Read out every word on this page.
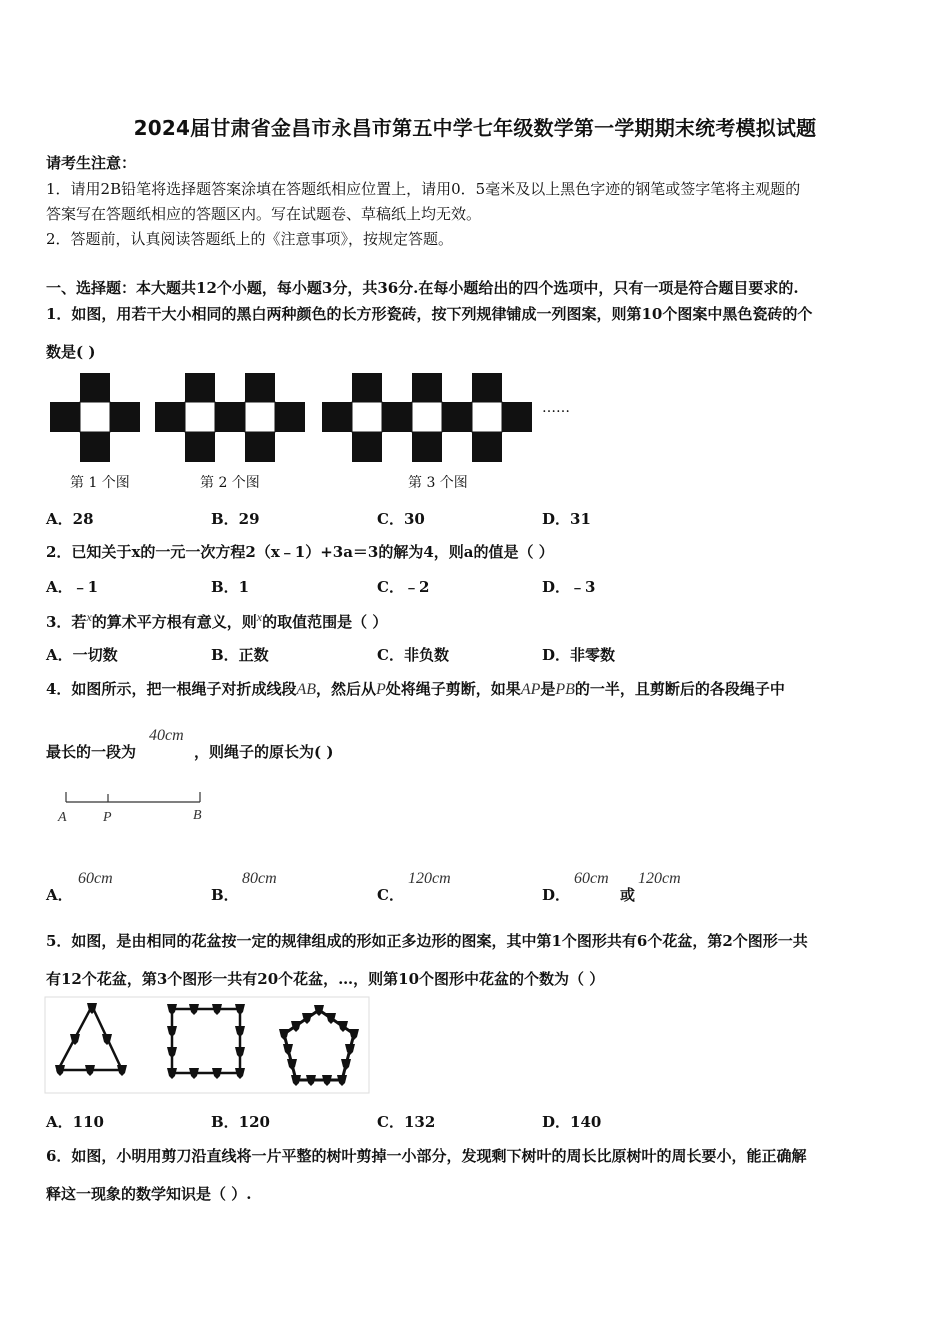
2024届甘肃省金昌市永昌市第五中学七年级数学第一学期期末统考模拟试题
请考生注意：
1．请用2B铅笔将选择题答案涂填在答题纸相应位置上，请用0．5毫米及以上黑色字迹的钢笔或签字笔将主观题的
答案写在答题纸相应的答题区内。写在试题卷、草稿纸上均无效。
2．答题前，认真阅读答题纸上的《注意事项》，按规定答题。
一、选择题：本大题共12个小题，每小题3分，共36分.在每小题给出的四个选项中，只有一项是符合题目要求的.
1．如图，用若干大小相同的黑白两种颜色的长方形瓷砖，按下列规律铺成一列图案，则第10个图案中黑色瓷砖的个
数是( )
……
第 1 个图	第 2 个图	第 3 个图
A．28	B．29	C．30	D．31
2．已知关于x的一元一次方程2（x﹣1）+3a＝3的解为4，则a的值是（ ）
A．﹣1	B．1	C．﹣2	D．﹣3
3．若$^x$的算术平方根有意义，则$^x$的取值范围是（ ）
A．一切数	B．正数	C．非负数	D．非零数
4．如图所示，把一根绳子对折成线段AB，然后从P处将绳子剪断，如果AP是PB的一半，且剪断后的各段绳子中
最长的一段为
40cm
，则绳子的原长为( )
A	P	B
A．
60cm
B．
80cm
C．
120cm
D．
60cm
或
120cm
5．如图，是由相同的花盆按一定的规律组成的形如正多边形的图案，其中第1个图形共有6个花盆，第2个图形一共
有12个花盆，第3个图形一共有20个花盆，…，则第10个图形中花盆的个数为（ ）
A．110	B．120	C．132	D．140
6．如图，小明用剪刀沿直线将一片平整的树叶剪掉一小部分，发现剩下树叶的周长比原树叶的周长要小，能正确解
释这一现象的数学知识是（ ）.
